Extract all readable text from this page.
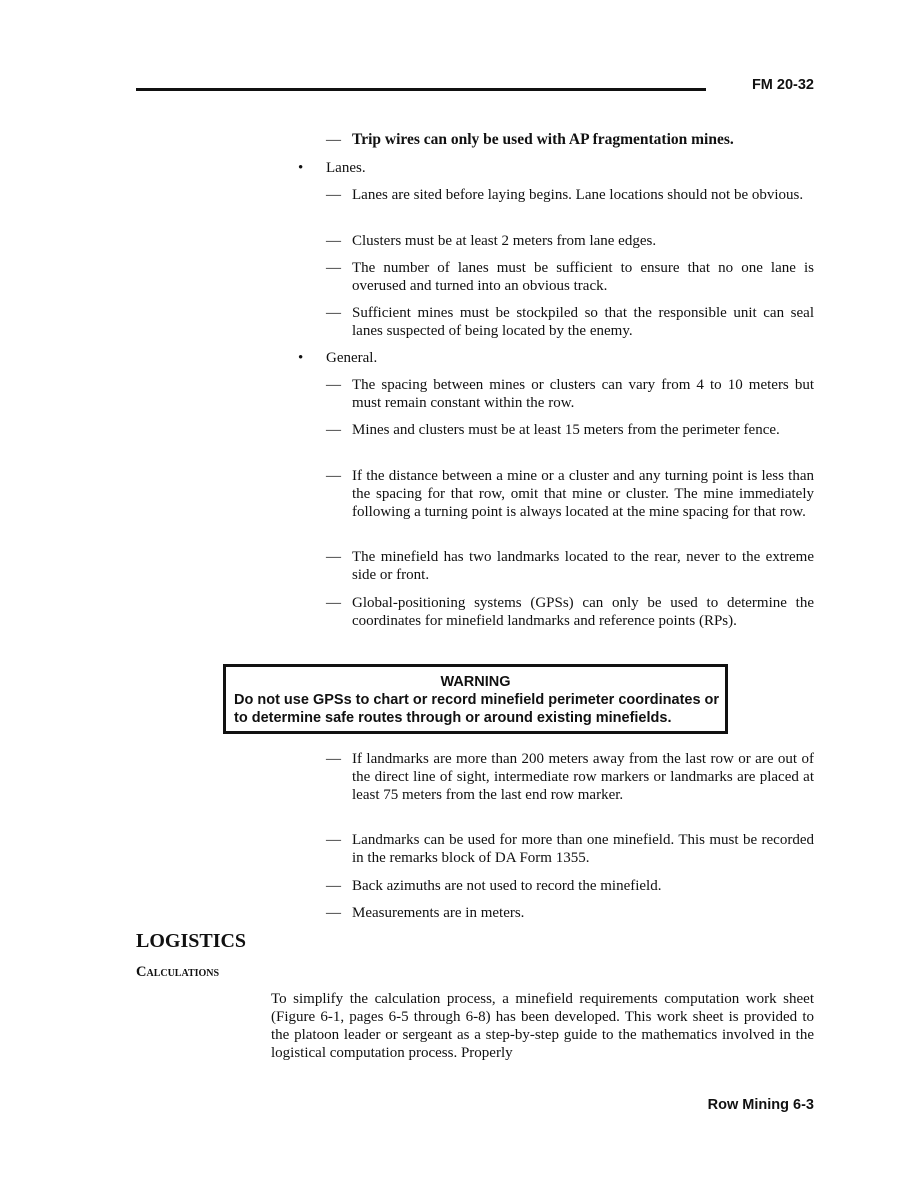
FM 20-32
— Trip wires can only be used with AP fragmentation mines.
• Lanes.
— Lanes are sited before laying begins. Lane locations should not be obvious.
— Clusters must be at least 2 meters from lane edges.
— The number of lanes must be sufficient to ensure that no one lane is overused and turned into an obvious track.
— Sufficient mines must be stockpiled so that the responsible unit can seal lanes suspected of being located by the enemy.
• General.
— The spacing between mines or clusters can vary from 4 to 10 meters but must remain constant within the row.
— Mines and clusters must be at least 15 meters from the perimeter fence.
— If the distance between a mine or a cluster and any turning point is less than the spacing for that row, omit that mine or cluster. The mine immediately following a turning point is always located at the mine spacing for that row.
— The minefield has two landmarks located to the rear, never to the extreme side or front.
— Global-positioning systems (GPSs) can only be used to determine the coordinates for minefield landmarks and reference points (RPs).
WARNING
Do not use GPSs to chart or record minefield perimeter coordinates or to determine safe routes through or around existing minefields.
— If landmarks are more than 200 meters away from the last row or are out of the direct line of sight, intermediate row markers or landmarks are placed at least 75 meters from the last end row marker.
— Landmarks can be used for more than one minefield. This must be recorded in the remarks block of DA Form 1355.
— Back azimuths are not used to record the minefield.
— Measurements are in meters.
LOGISTICS
Calculations
To simplify the calculation process, a minefield requirements computation work sheet (Figure 6-1, pages 6-5 through 6-8) has been developed. This work sheet is provided to the platoon leader or sergeant as a step-by-step guide to the mathematics involved in the logistical computation process. Properly
Row Mining 6-3
